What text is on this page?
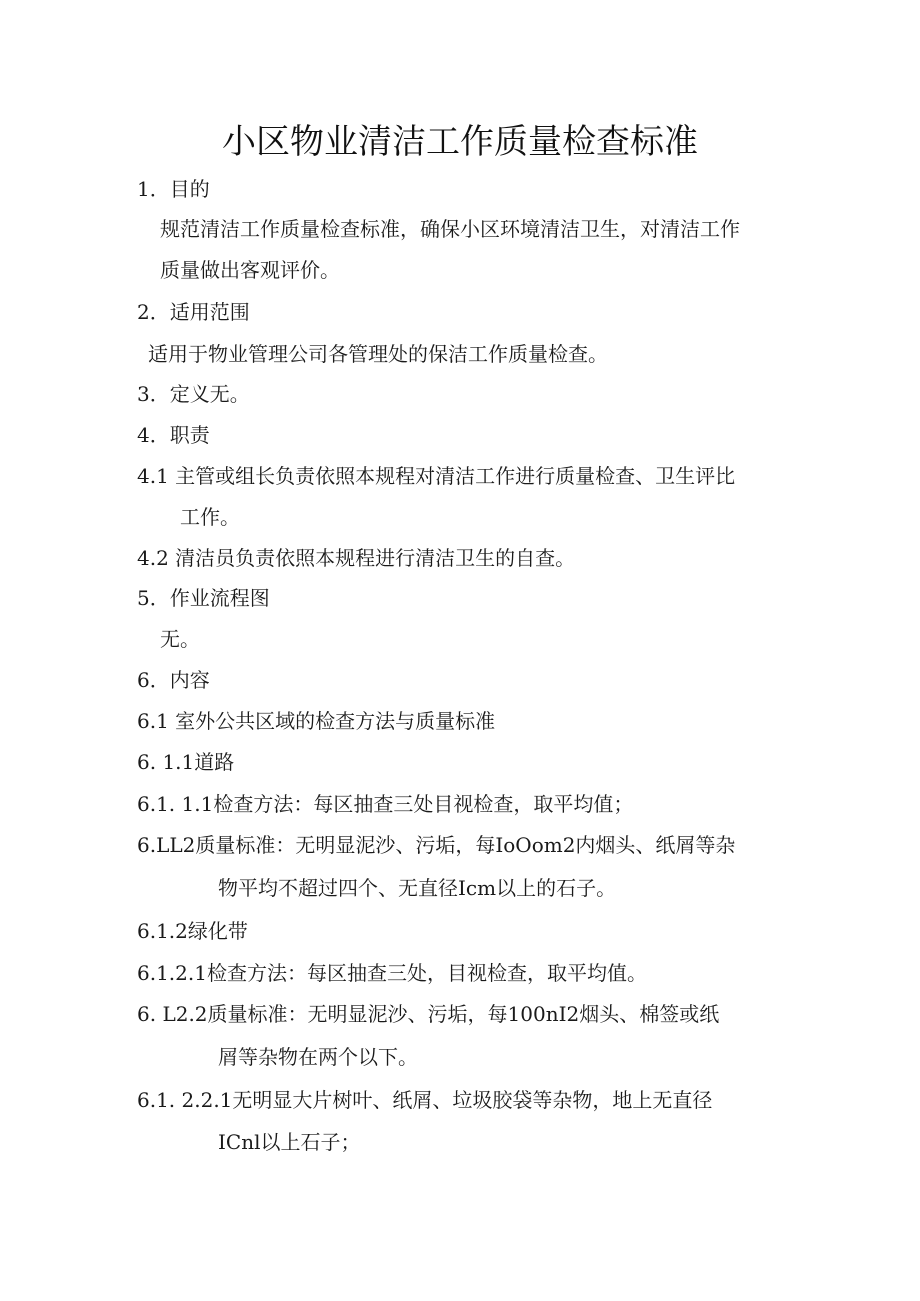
小区物业清洁工作质量检查标准
1．目的
规范清洁工作质量检查标准，确保小区环境清洁卫生，对清洁工作
质量做出客观评价。
2．适用范围
适用于物业管理公司各管理处的保洁工作质量检查。
3．定义无。
4．职责
4.1 主管或组长负责依照本规程对清洁工作进行质量检查、卫生评比
工作。
4.2 清洁员负责依照本规程进行清洁卫生的自查。
5．作业流程图
无。
6．内容
6.1 室外公共区域的检查方法与质量标准
6. 1.1道路
6.1. 1.1检查方法：每区抽查三处目视检查，取平均值；
6.LL2质量标准：无明显泥沙、污垢，每IoOom2内烟头、纸屑等杂
物平均不超过四个、无直径Icm以上的石子。
6.1.2绿化带
6.1.2.1检查方法：每区抽查三处，目视检查，取平均值。
6. L2.2质量标准：无明显泥沙、污垢，每100nI2烟头、棉签或纸
屑等杂物在两个以下。
6.1. 2.2.1无明显大片树叶、纸屑、垃圾胶袋等杂物，地上无直径
ICnl以上石子；
